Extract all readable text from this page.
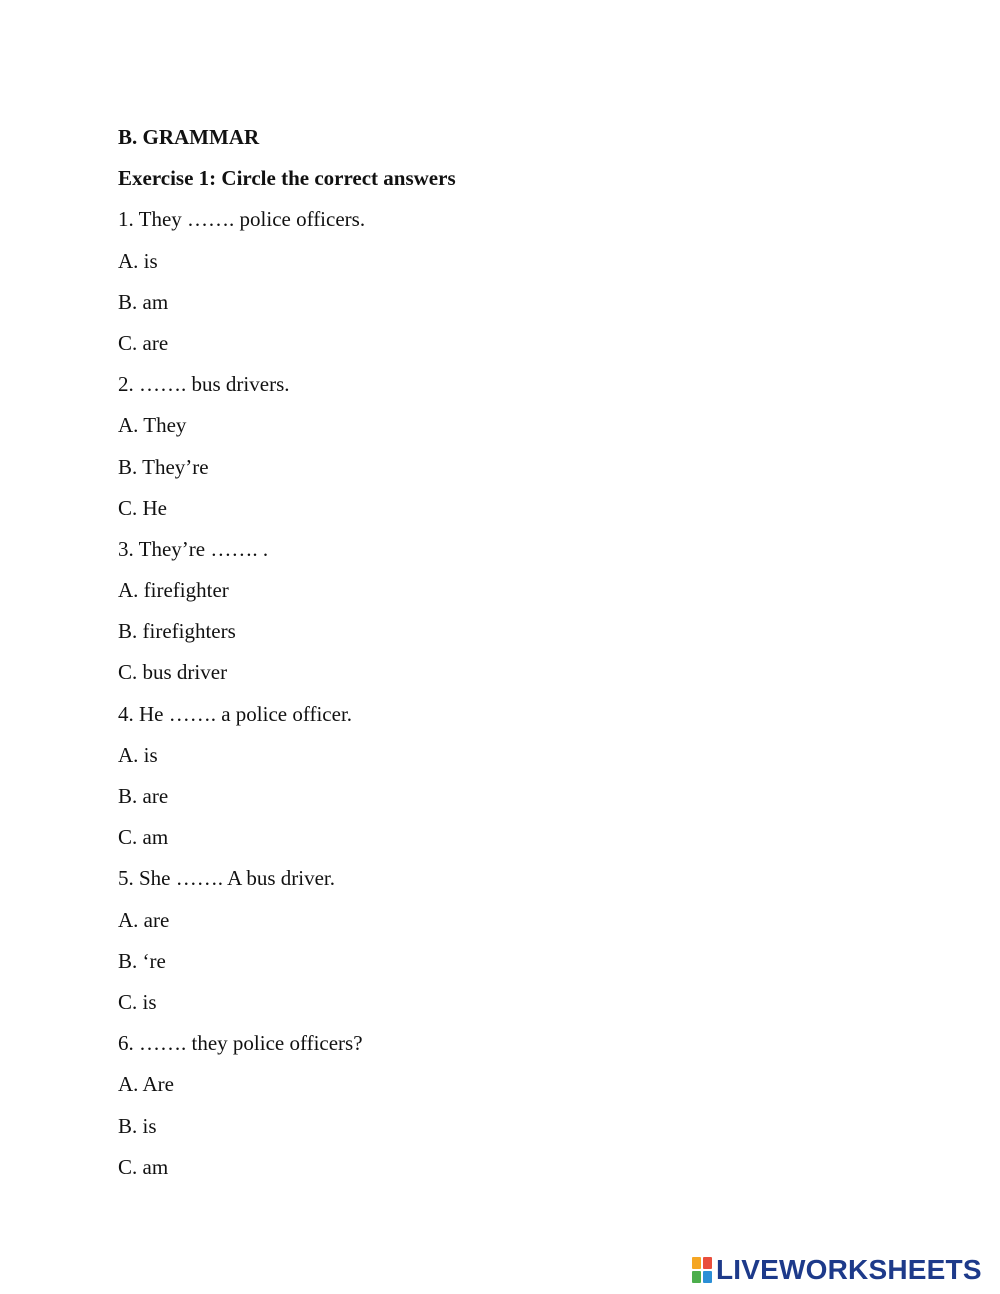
B. GRAMMAR
Exercise 1: Circle the correct answers
1. They ……. police officers.
A. is
B. am
C. are
2. ……. bus drivers.
A. They
B. They’re
C. He
3. They’re ……. .
A. firefighter
B. firefighters
C. bus driver
4. He ……. a police officer.
A. is
B. are
C. am
5. She ……. A bus driver.
A. are
B. ‘re
C. is
6. ……. they police officers?
A. Are
B. is
C. am
LIVEWORKSHEETS
